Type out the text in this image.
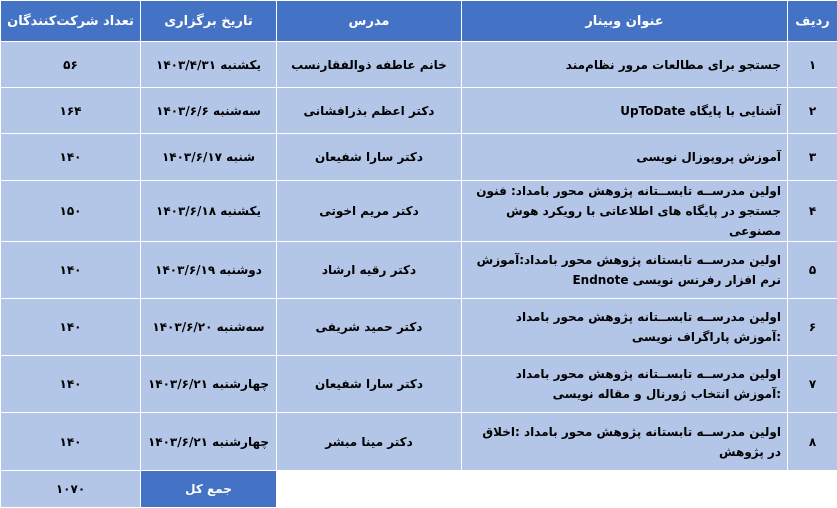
ردیف	عنوان وبینار	مدرس	تاریخ برگزاری	تعداد شرکت‌کنندگان
۱	جستجو برای مطالعات مرور نظام‌مند	خانم عاطفه ذوالفقارنسب	یکشنبه ۱۴۰۳/۴/۳۱	۵۶
۲	آشنایی با پایگاه UpToDate	دکتر اعظم بذرافشانی	سه‌شنبه ۱۴۰۳/۶/۶	۱۶۴
۳	آموزش پروپوزال نویسی	دکتر سارا شفیعان	شنبه ۱۴۰۳/۶/۱۷	۱۴۰
۴	اولین مدرســه تابســتانه پژوهش محور بامداد: فنون جستجو در پایگاه های اطلاعاتی با رویکرد هوش مصنوعی	دکتر مریم اخوتی	یکشنبه ۱۴۰۳/۶/۱۸	۱۵۰
۵	اولین مدرســه تابستانه پژوهش محور بامداد:آموزش نرم افزار رفرنس نویسی Endnote	دکتر رقیه ارشاد	دوشنبه ۱۴۰۳/۶/۱۹	۱۴۰
۶	اولین مدرســه تابســتانه پژوهش محور بامداد :آموزش پاراگراف نویسی	دکتر حمید شریفی	سه‌شنبه ۱۴۰۳/۶/۲۰	۱۴۰
۷	اولین مدرســه تابســتانه پژوهش محور بامداد :آموزش انتخاب ژورنال و مقاله نویسی	دکتر سارا شفیعان	چهارشنبه ۱۴۰۳/۶/۲۱	۱۴۰
۸	اولین مدرســه تابستانه پژوهش محور بامداد :اخلاق در پژوهش	دکتر مینا مبشر	چهارشنبه ۱۴۰۳/۶/۲۱	۱۴۰
			جمع کل	۱۰۷۰
